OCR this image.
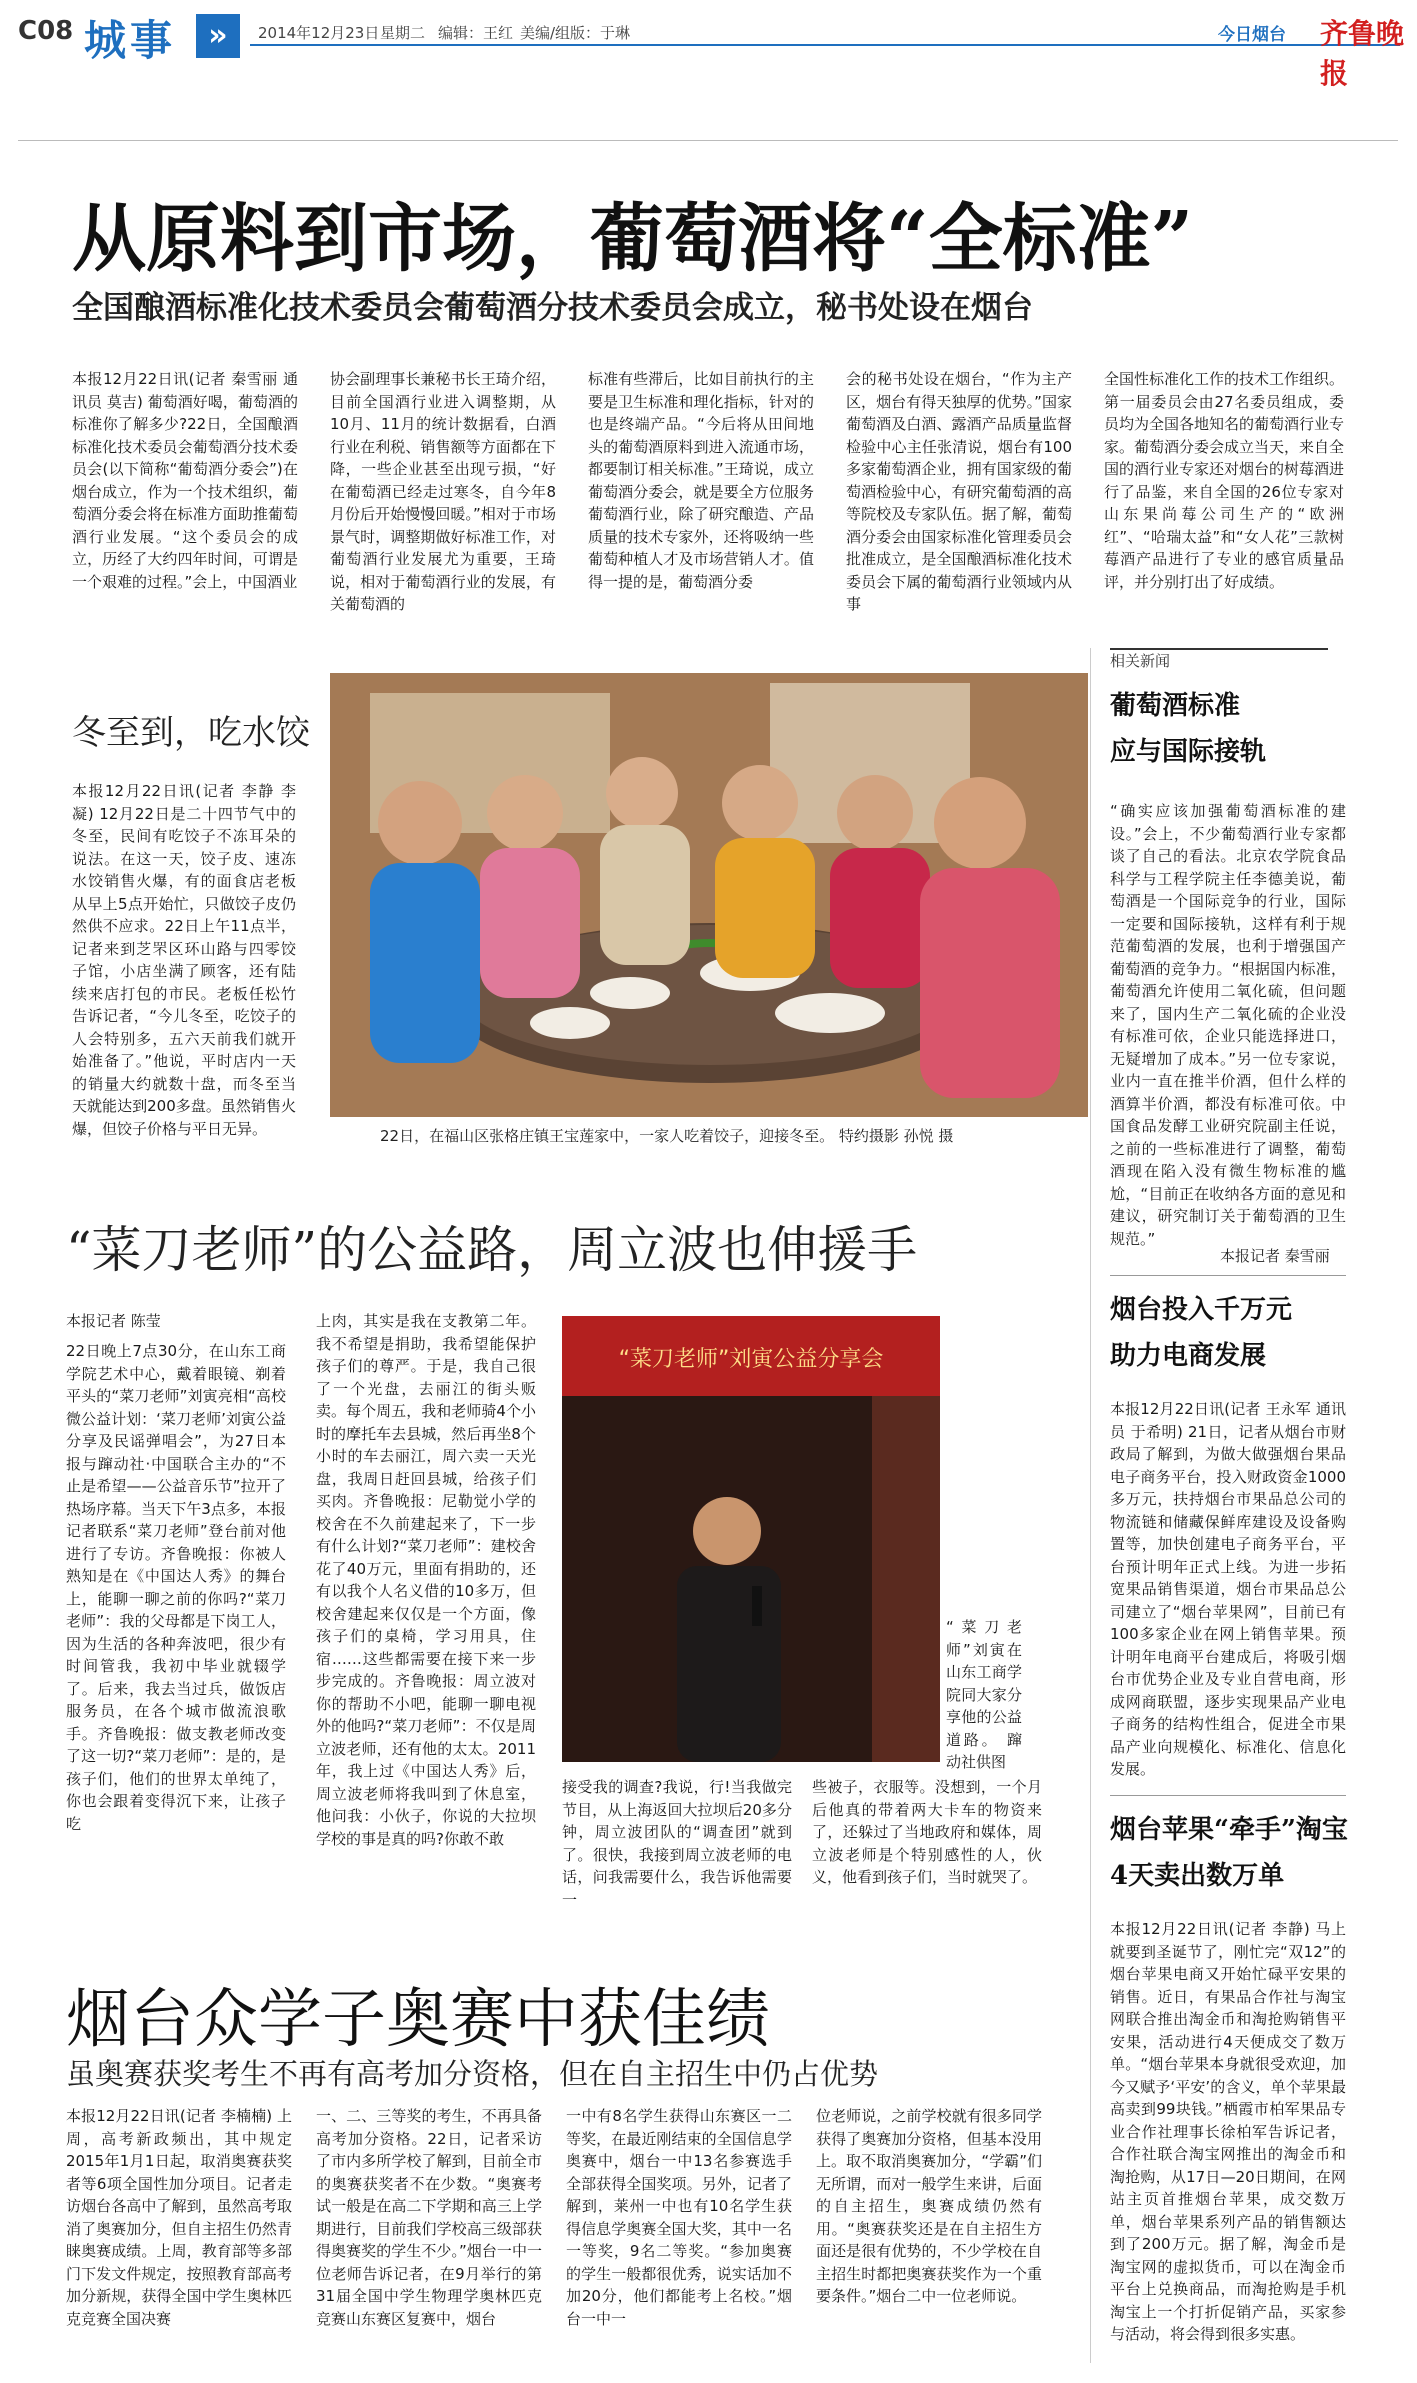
C08 城事	»	2014年12月23日 星期二 编辑：王红 美编/组版：于琳	今日烟台 齐鲁晚报
从原料到市场，葡萄酒将“全标准”
全国酿酒标准化技术委员会葡萄酒分技术委员会成立，秘书处设在烟台
本报12月22日讯(记者 秦雪丽 通讯员 莫吉) 葡萄酒好喝，葡萄酒的标准你了解多少?22日，全国酿酒标准化技术委员会葡萄酒分技术委员会(以下简称“葡萄酒分委会”)在烟台成立，作为一个技术组织，葡萄酒分委会将在标准方面助推葡萄酒行业发展。“这个委员会的成立，历经了大约四年时间，可谓是一个艰难的过程。”会上，中国酒业
协会副理事长兼秘书长王琦介绍，目前全国酒行业进入调整期，从10月、11月的统计数据看，白酒行业在利税、销售额等方面都在下降，一些企业甚至出现亏损，“好在葡萄酒已经走过寒冬，自今年8月份后开始慢慢回暖。”相对于市场景气时，调整期做好标准工作，对葡萄酒行业发展尤为重要，王琦说，相对于葡萄酒行业的发展，有关葡萄酒的
标准有些滞后，比如目前执行的主要是卫生标准和理化指标，针对的也是终端产品。“今后将从田间地头的葡萄酒原料到进入流通市场，都要制订相关标准。”王琦说，成立葡萄酒分委会，就是要全方位服务葡萄酒行业，除了研究酿造、产品质量的技术专家外，还将吸纳一些葡萄种植人才及市场营销人才。值得一提的是，葡萄酒分委
会的秘书处设在烟台，“作为主产区，烟台有得天独厚的优势。”国家葡萄酒及白酒、露酒产品质量监督检验中心主任张清说，烟台有100多家葡萄酒企业，拥有国家级的葡萄酒检验中心，有研究葡萄酒的高等院校及专家队伍。据了解，葡萄酒分委会由国家标准化管理委员会批准成立，是全国酿酒标准化技术委员会下属的葡萄酒行业领域内从事
全国性标准化工作的技术工作组织。第一届委员会由27名委员组成，委员均为全国各地知名的葡萄酒行业专家。葡萄酒分委会成立当天，来自全国的酒行业专家还对烟台的树莓酒进行了品鉴，来自全国的26位专家对山东果尚莓公司生产的“欧洲红”、“哈瑞太益”和“女人花”三款树莓酒产品进行了专业的感官质量品评，并分别打出了好成绩。
冬至到，吃水饺
本报12月22日讯(记者 李静 李凝) 12月22日是二十四节气中的冬至，民间有吃饺子不冻耳朵的说法。在这一天，饺子皮、速冻水饺销售火爆，有的面食店老板从早上5点开始忙，只做饺子皮仍然供不应求。22日上午11点半，记者来到芝罘区环山路与四零饺子馆，小店坐满了顾客，还有陆续来店打包的市民。老板任松竹告诉记者，“今儿冬至，吃饺子的人会特别多，五六天前我们就开始准备了。”他说，平时店内一天的销量大约就数十盘，而冬至当天就能达到200多盘。虽然销售火爆，但饺子价格与平日无异。	22日，在福山区张格庄镇王宝莲家中，一家人吃着饺子，迎接冬至。 特约摄影 孙悦 摄
相关新闻
葡萄酒标准
应与国际接轨
“确实应该加强葡萄酒标准的建设。”会上，不少葡萄酒行业专家都谈了自己的看法。北京农学院食品科学与工程学院主任李德美说，葡萄酒是一个国际竞争的行业，国际一定要和国际接轨，这样有利于规范葡萄酒的发展，也利于增强国产葡萄酒的竞争力。“根据国内标准，葡萄酒允许使用二氧化硫，但问题来了，国内生产二氧化硫的企业没有标准可依，企业只能选择进口，无疑增加了成本。”另一位专家说，业内一直在推半价酒，但什么样的酒算半价酒，都没有标准可依。中国食品发酵工业研究院副主任说，之前的一些标准进行了调整，葡萄酒现在陷入没有微生物标准的尴尬，“目前正在收纳各方面的意见和建议，研究制订关于葡萄酒的卫生规范。”
本报记者 秦雪丽
烟台投入千万元
助力电商发展
本报12月22日讯(记者 王永军 通讯员 于希明) 21日，记者从烟台市财政局了解到，为做大做强烟台果品电子商务平台，投入财政资金1000多万元，扶持烟台市果品总公司的物流链和储藏保鲜库建设及设备购置等，加快创建电子商务平台，平台预计明年正式上线。为进一步拓宽果品销售渠道，烟台市果品总公司建立了“烟台苹果网”，目前已有100多家企业在网上销售苹果。预计明年电商平台建成后，将吸引烟台市优势企业及专业自营电商，形成网商联盟，逐步实现果品产业电子商务的结构性组合，促进全市果品产业向规模化、标准化、信息化发展。
烟台苹果“牵手”淘宝
4天卖出数万单
本报12月22日讯(记者 李静) 马上就要到圣诞节了，刚忙完“双12”的烟台苹果电商又开始忙碌平安果的销售。近日，有果品合作社与淘宝网联合推出淘金币和淘抢购销售平安果，活动进行4天便成交了数万单。“烟台苹果本身就很受欢迎，加今又赋予‘平安’的含义，单个苹果最高卖到99块钱。”栖霞市柏军果品专业合作社理事长徐柏军告诉记者，合作社联合淘宝网推出的淘金币和淘抢购，从17日—20日期间，在网站主页首推烟台苹果，成交数万单，烟台苹果系列产品的销售额达到了200万元。据了解，淘金币是淘宝网的虚拟货币，可以在淘金币平台上兑换商品，而淘抢购是手机淘宝上一个打折促销产品，买家参与活动，将会得到很多实惠。
“菜刀老师”的公益路，周立波也伸援手
本报记者 陈莹
22日晚上7点30分，在山东工商学院艺术中心，戴着眼镜、剃着平头的“菜刀老师”刘寅亮相“高校微公益计划：‘菜刀老师’刘寅公益分享及民谣弹唱会”，为27日本报与蹿动社·中国联合主办的“不止是希望——公益音乐节”拉开了热场序幕。当天下午3点多，本报记者联系“菜刀老师”登台前对他进行了专访。齐鲁晚报：你被人熟知是在《中国达人秀》的舞台上，能聊一聊之前的你吗?“菜刀老师”：我的父母都是下岗工人，因为生活的各种奔波吧，很少有时间管我，我初中毕业就辍学了。后来，我去当过兵，做饭店服务员，在各个城市做流浪歌手。齐鲁晚报：做支教老师改变了这一切?“菜刀老师”：是的，是孩子们，他们的世界太单纯了，你也会跟着变得沉下来，让孩子吃
上肉，其实是我在支教第二年。我不希望是捐助，我希望能保护孩子们的尊严。于是，我自己很了一个光盘，去丽江的街头贩卖。每个周五，我和老师骑4个小时的摩托车去县城，然后再坐8个小时的车去丽江，周六卖一天光盘，我周日赶回县城，给孩子们买肉。齐鲁晚报：尼勒觉小学的校舍在不久前建起来了，下一步有什么计划?“菜刀老师”：建校舍花了40万元，里面有捐助的，还有以我个人名义借的10多万，但校舍建起来仅仅是一个方面，像孩子们的桌椅，学习用具，住宿……这些都需要在接下来一步步完成的。齐鲁晚报：周立波对你的帮助不小吧，能聊一聊电视外的他吗?“菜刀老师”：不仅是周立波老师，还有他的太太。2011年，我上过《中国达人秀》后，周立波老师将我叫到了休息室，他问我：小伙子，你说的大拉坝学校的事是真的吗?你敢不敢
“菜刀老师”刘寅公益分享会
“菜刀老师”刘寅在山东工商学院同大家分享他的公益道路。 蹿动社供图
接受我的调查?我说，行!当我做完节目，从上海返回大拉坝后20多分钟，周立波团队的“调查团”就到了。很快，我接到周立波老师的电话，问我需要什么，我告诉他需要一
些被子，衣服等。没想到，一个月后他真的带着两大卡车的物资来了，还躲过了当地政府和媒体，周立波老师是个特别感性的人，伙义，他看到孩子们，当时就哭了。
烟台众学子奥赛中获佳绩
虽奥赛获奖考生不再有高考加分资格，但在自主招生中仍占优势
本报12月22日讯(记者 李楠楠) 上周，高考新政频出，其中规定2015年1月1日起，取消奥赛获奖者等6项全国性加分项目。记者走访烟台各高中了解到，虽然高考取消了奥赛加分，但自主招生仍然青睐奥赛成绩。上周，教育部等多部门下发文件规定，按照教育部高考加分新规，获得全国中学生奥林匹克竞赛全国决赛
一、二、三等奖的考生，不再具备高考加分资格。22日，记者采访了市内多所学校了解到，目前全市的奥赛获奖者不在少数。“奥赛考试一般是在高二下学期和高三上学期进行，目前我们学校高三级部获得奥赛奖的学生不少。”烟台一中一位老师告诉记者，在9月举行的第31届全国中学生物理学奥林匹克竞赛山东赛区复赛中，烟台
一中有8名学生获得山东赛区一二等奖，在最近刚结束的全国信息学奥赛中，烟台一中13名参赛选手全部获得全国奖项。另外，记者了解到，莱州一中也有10名学生获得信息学奥赛全国大奖，其中一名一等奖，9名二等奖。“参加奥赛的学生一般都很优秀，说实话加不加20分，他们都能考上名校。”烟台一中一
位老师说，之前学校就有很多同学获得了奥赛加分资格，但基本没用上。取不取消奥赛加分，“学霸”们无所谓，而对一般学生来讲，后面的自主招生，奥赛成绩仍然有用。“奥赛获奖还是在自主招生方面还是很有优势的，不少学校在自主招生时都把奥赛获奖作为一个重要条件。”烟台二中一位老师说。
